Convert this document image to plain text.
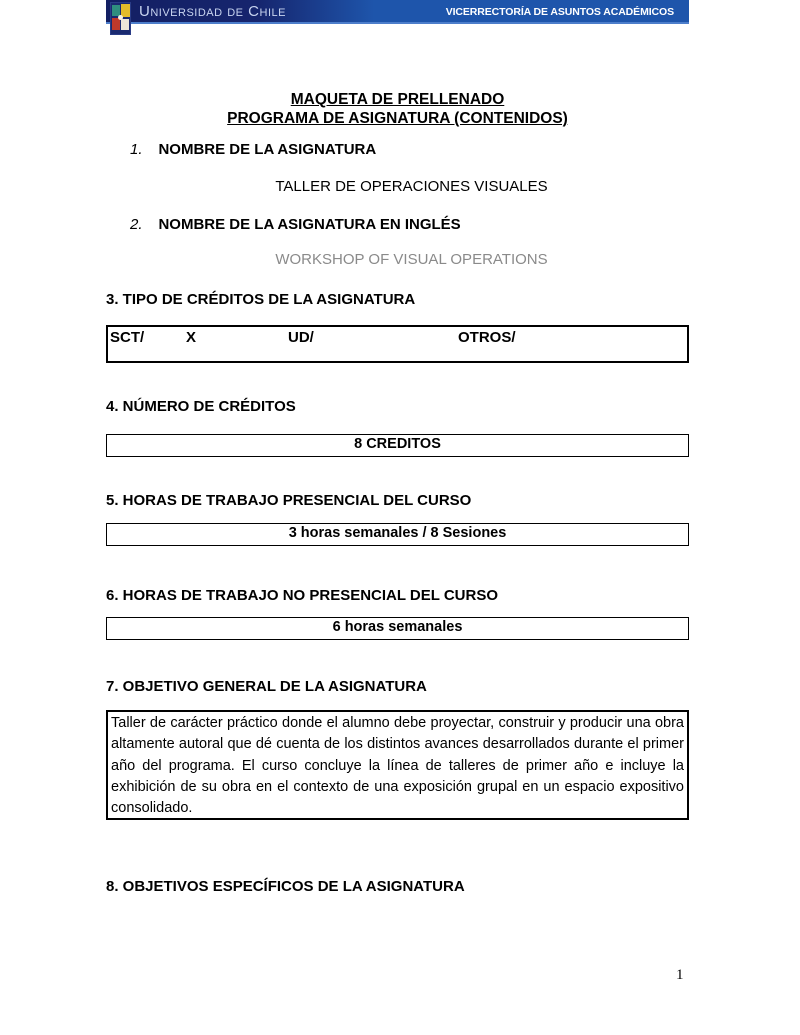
Universidad de Chile	VICERRECTORÍA DE ASUNTOS ACADÉMICOS
MAQUETA DE PRELLENADO
PROGRAMA DE ASIGNATURA (CONTENIDOS)
1. NOMBRE DE LA ASIGNATURA
TALLER DE OPERACIONES VISUALES
2. NOMBRE DE LA ASIGNATURA EN INGLÉS
WORKSHOP OF VISUAL OPERATIONS
3. TIPO DE CRÉDITOS DE LA ASIGNATURA
SCT/	X	UD/	OTROS/
4. NÚMERO DE CRÉDITOS
8 CREDITOS
5. HORAS DE TRABAJO PRESENCIAL DEL CURSO
3 horas semanales / 8 Sesiones
6. HORAS DE TRABAJO NO PRESENCIAL DEL CURSO
6 horas semanales
7. OBJETIVO GENERAL DE LA ASIGNATURA

Taller de carácter práctico donde el alumno debe proyectar, construir y producir una obra altamente autoral que dé cuenta de los distintos avances desarrollados durante el primer año del programa. El curso concluye la línea de talleres de primer año e incluye la exhibición de su obra en el contexto de una exposición grupal en un espacio expositivo consolidado.

8. OBJETIVOS ESPECÍFICOS DE LA ASIGNATURA
1
